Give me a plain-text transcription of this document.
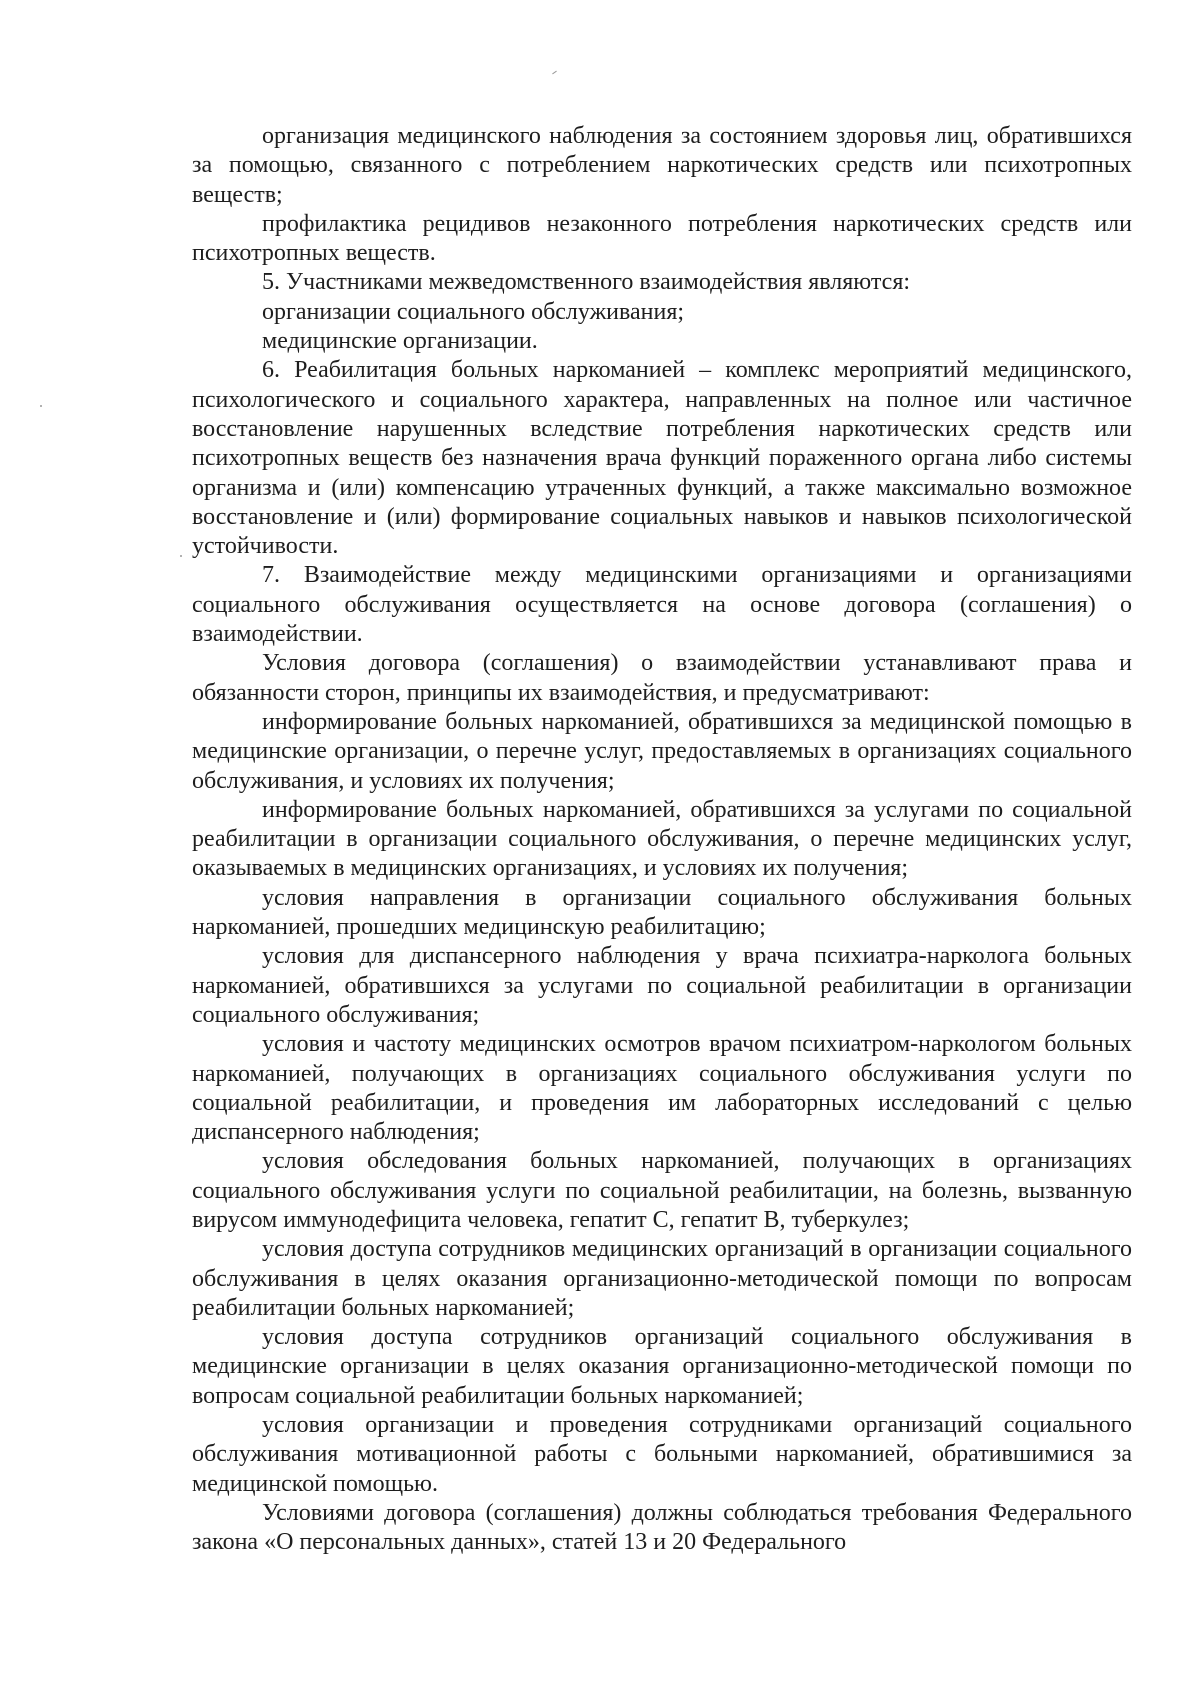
организация медицинского наблюдения за состоянием здоровья лиц, обратившихся за помощью, связанного с потреблением наркотических средств или психотропных веществ;

профилактика рецидивов незаконного потребления наркотических средств или психотропных веществ.

5. Участниками межведомственного взаимодействия являются:

организации социального обслуживания;

медицинские организации.

6. Реабилитация больных наркоманией – комплекс мероприятий медицинского, психологического и социального характера, направленных на полное или частичное восстановление нарушенных вследствие потребления наркотических средств или психотропных веществ без назначения врача функций пораженного органа либо системы организма и (или) компенсацию утраченных функций, а также максимально возможное восстановление и (или) формирование социальных навыков и навыков психологической устойчивости.

7. Взаимодействие между медицинскими организациями и организациями социального обслуживания осуществляется на основе договора (соглашения) о взаимодействии.

Условия договора (соглашения) о взаимодействии устанавливают права и обязанности сторон, принципы их взаимодействия, и предусматривают:

информирование больных наркоманией, обратившихся за медицинской помощью в медицинские организации, о перечне услуг, предоставляемых в организациях социального обслуживания, и условиях их получения;

информирование больных наркоманией, обратившихся за услугами по социальной реабилитации в организации социального обслуживания, о перечне медицинских услуг, оказываемых в медицинских организациях, и условиях их получения;

условия направления в организации социального обслуживания больных наркоманией, прошедших медицинскую реабилитацию;

условия для диспансерного наблюдения у врача психиатра-нарколога больных наркоманией, обратившихся за услугами по социальной реабилитации в организации социального обслуживания;

условия и частоту медицинских осмотров врачом психиатром-наркологом больных наркоманией, получающих в организациях социального обслуживания услуги по социальной реабилитации, и проведения им лабораторных исследований с целью диспансерного наблюдения;

условия обследования больных наркоманией, получающих в организациях социального обслуживания услуги по социальной реабилитации, на болезнь, вызванную вирусом иммунодефицита человека, гепатит С, гепатит В, туберкулез;

условия доступа сотрудников медицинских организаций в организации социального обслуживания в целях оказания организационно-методической помощи по вопросам реабилитации больных наркоманией;

условия доступа сотрудников организаций социального обслуживания в медицинские организации в целях оказания организационно-методической помощи по вопросам социальной реабилитации больных наркоманией;

условия организации и проведения сотрудниками организаций социального обслуживания мотивационной работы с больными наркоманией, обратившимися за медицинской помощью.

Условиями договора (соглашения) должны соблюдаться требования Федерального закона «О персональных данных», статей 13 и 20 Федерального
